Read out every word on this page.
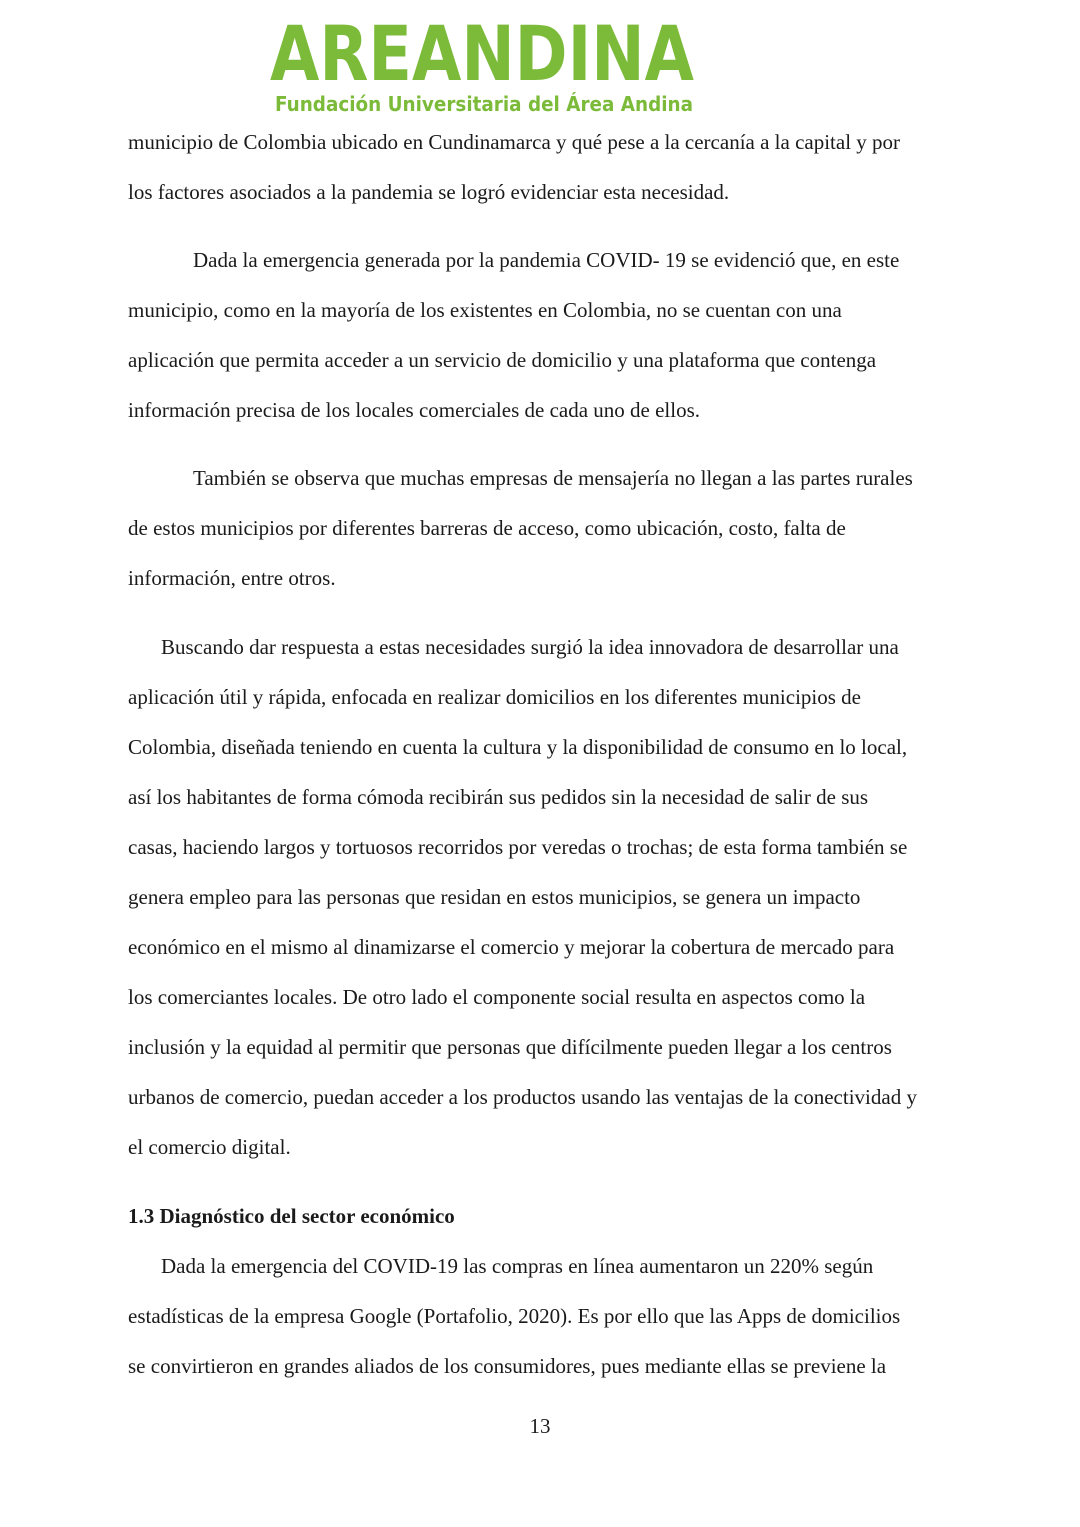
AREANDINA
Fundación Universitaria del Área Andina
municipio de Colombia ubicado en Cundinamarca y qué pese a la cercanía a la capital y por
los factores asociados a la pandemia se logró evidenciar esta necesidad.
Dada la emergencia generada por la pandemia COVID- 19 se evidenció que, en este
municipio, como en la mayoría de los existentes en Colombia, no se cuentan con una
aplicación que permita acceder a un servicio de domicilio y una plataforma que contenga
información precisa de los locales comerciales de cada uno de ellos.
También se observa que muchas empresas de mensajería no llegan a las partes rurales
de estos municipios por diferentes barreras de acceso, como ubicación, costo, falta de
información, entre otros.
Buscando dar respuesta a estas necesidades surgió la idea innovadora de desarrollar una
aplicación útil y rápida, enfocada en realizar domicilios en los diferentes municipios de
Colombia, diseñada teniendo en cuenta la cultura y la disponibilidad de consumo en lo local,
así los habitantes de forma cómoda recibirán sus pedidos sin la necesidad de salir de sus
casas, haciendo largos y tortuosos recorridos por veredas o trochas; de esta forma también se
genera empleo para las personas que residan en estos municipios, se genera un impacto
económico en el mismo al dinamizarse el comercio y mejorar la cobertura de mercado para
los comerciantes locales. De otro lado el componente social resulta en aspectos como la
inclusión y la equidad al permitir que personas que difícilmente pueden llegar a los centros
urbanos de comercio, puedan acceder a los productos usando las ventajas de la conectividad y
el comercio digital.
1.3 Diagnóstico del sector económico
Dada la emergencia del COVID-19 las compras en línea aumentaron un 220% según
estadísticas de la empresa Google (Portafolio, 2020). Es por ello que las Apps de domicilios
se convirtieron en grandes aliados de los consumidores, pues mediante ellas se previene la
13
